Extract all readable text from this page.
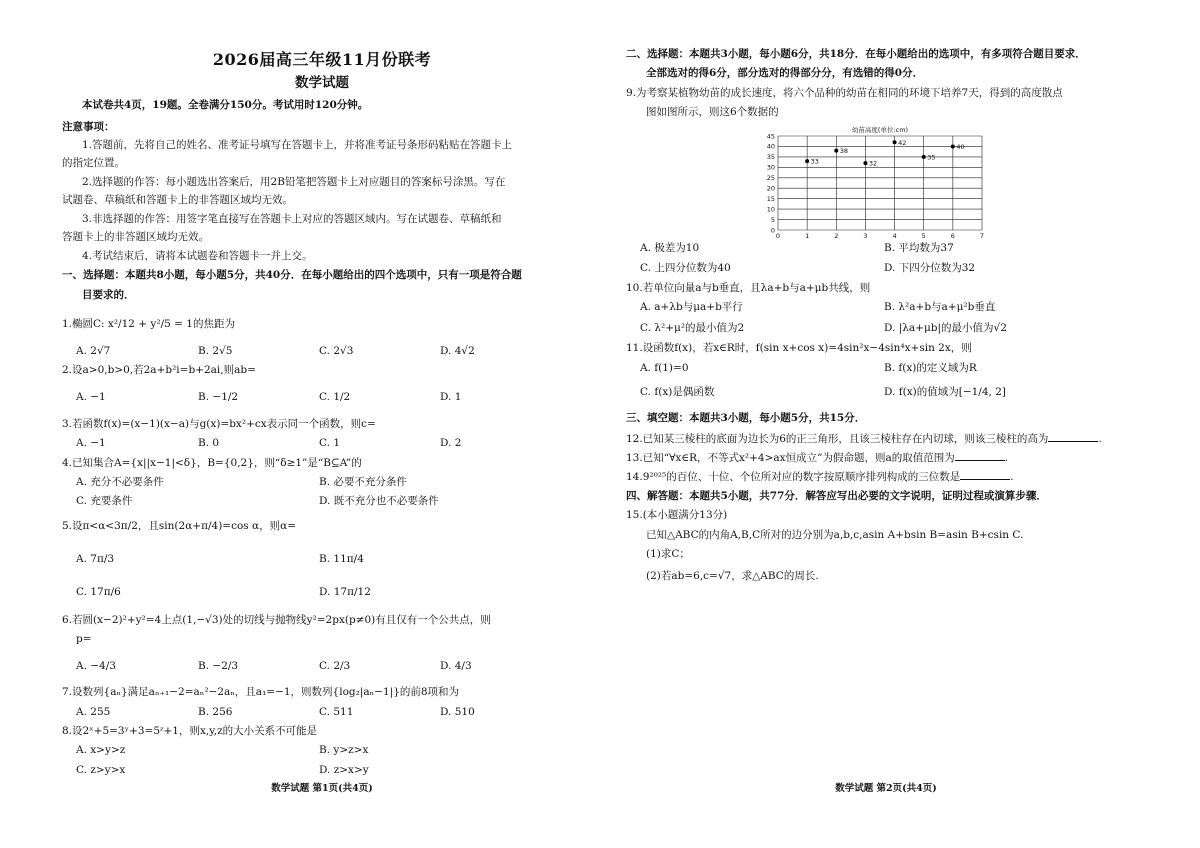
2026届高三年级11月份联考
数学试题
本试卷共4页，19题。全卷满分150分。考试用时120分钟。
注意事项：
1.答题前，先将自己的姓名、准考证号填写在答题卡上，并将准考证号条形码粘贴在答题卡上
的指定位置。
2.选择题的作答：每小题选出答案后，用2B铅笔把答题卡上对应题目的答案标号涂黑。写在
试题卷、草稿纸和答题卡上的非答题区域均无效。
3.非选择题的作答：用签字笔直接写在答题卡上对应的答题区域内。写在试题卷、草稿纸和
答题卡上的非答题区域均无效。
4.考试结束后，请将本试题卷和答题卡一并上交。
一、选择题：本题共8小题，每小题5分，共40分．在每小题给出的四个选项中，只有一项是符合题
目要求的．
1.椭圆C: x²/12 + y²/5 = 1的焦距为
A. 2√7	B. 2√5	C. 2√3	D. 4√2
2.设a>0,b>0,若2a+b²i=b+2ai,则ab=
A. −1	B. −1/2	C. 1/2	D. 1
3.若函数f(x)=(x−1)(x−a)与g(x)=bx²+cx表示同一个函数，则c=
A. −1	B. 0	C. 1	D. 2
4.已知集合A={x||x−1|<δ}，B={0,2}，则“δ≥1”是“B⊆A”的
A. 充分不必要条件	B. 必要不充分条件
C. 充要条件	D. 既不充分也不必要条件
5.设π<α<3π/2，且sin(2α+π/4)=cos α，则α=
A. 7π/3	B. 11π/4
C. 17π/6	D. 17π/12
6.若圆(x−2)²+y²=4上点(1,−√3)处的切线与抛物线y²=2px(p≠0)有且仅有一个公共点，则
p=
A. −4/3	B. −2/3	C. 2/3	D. 4/3
7.设数列{aₙ}满足aₙ₊₁−2=aₙ²−2aₙ，且a₁=−1，则数列{log₂|aₙ−1|}的前8项和为
A. 255	B. 256	C. 511	D. 510
8.设2ˣ+5=3ʸ+3=5ᶻ+1，则x,y,z的大小关系不可能是
A. x>y>z	B. y>z>x
C. z>y>x	D. z>x>y
数学试题 第1页(共4页)
二、选择题：本题共3小题，每小题6分，共18分．在每小题给出的选项中，有多项符合题目要求．
全部选对的得6分，部分选对的得部分分，有选错的得0分．
9.为考察某植物幼苗的成长速度，将六个品种的幼苗在相同的环境下培养7天，得到的高度散点
图如图所示，则这6个数据的
幼苗高度(单位:cm)
0
5
10
15
20
25
30
35
40
45
0	1	2	3	4	5	6	7
33
38
32
42
35
40
A. 极差为10	B. 平均数为37
C. 上四分位数为40	D. 下四分位数为32
10.若单位向量a与b垂直，且λa+b与a+μb共线，则
A. a+λb与μa+b平行	B. λ²a+b与a+μ²b垂直
C. λ²+μ²的最小值为2	D. |λa+μb|的最小值为√2
11.设函数f(x)，若x∈R时，f(sin x+cos x)=4sin²x−4sin⁴x+sin 2x，则
A. f(1)=0	B. f(x)的定义域为R
C. f(x)是偶函数	D. f(x)的值域为[−1/4, 2]
三、填空题：本题共3小题，每小题5分，共15分．
12.已知某三棱柱的底面为边长为6的正三角形，且该三棱柱存在内切球，则该三棱柱的高为	.
13.已知“∀x∈R，不等式x²+4>ax恒成立”为假命题，则a的取值范围为	.
14.9²⁰²⁵的百位、十位、个位所对应的数字按原顺序排列构成的三位数是	.
四、解答题：本题共5小题，共77分．解答应写出必要的文字说明，证明过程或演算步骤．
15.(本小题满分13分)
已知△ABC的内角A,B,C所对的边分别为a,b,c,asin A+bsin B=asin B+csin C.
(1)求C；
(2)若ab=6,c=√7，求△ABC的周长.
数学试题 第2页(共4页)
